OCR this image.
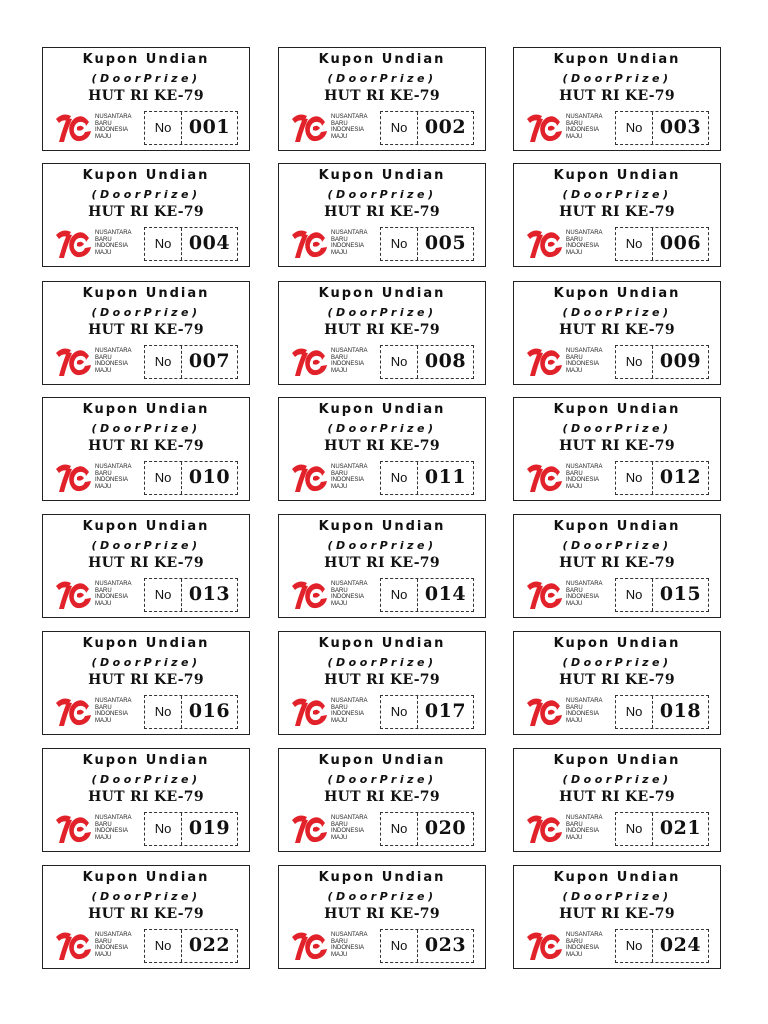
Kupon Undian
(DoorPrize)
HUT RI KE-79
NUSANTARA
BARU
INDONESIA
MAJU
No 001
Kupon Undian
(DoorPrize)
HUT RI KE-79
NUSANTARA
BARU
INDONESIA
MAJU
No 002
Kupon Undian
(DoorPrize)
HUT RI KE-79
NUSANTARA
BARU
INDONESIA
MAJU
No 003
Kupon Undian
(DoorPrize)
HUT RI KE-79
NUSANTARA
BARU
INDONESIA
MAJU
No 004
Kupon Undian
(DoorPrize)
HUT RI KE-79
NUSANTARA
BARU
INDONESIA
MAJU
No 005
Kupon Undian
(DoorPrize)
HUT RI KE-79
NUSANTARA
BARU
INDONESIA
MAJU
No 006
Kupon Undian
(DoorPrize)
HUT RI KE-79
NUSANTARA
BARU
INDONESIA
MAJU
No 007
Kupon Undian
(DoorPrize)
HUT RI KE-79
NUSANTARA
BARU
INDONESIA
MAJU
No 008
Kupon Undian
(DoorPrize)
HUT RI KE-79
NUSANTARA
BARU
INDONESIA
MAJU
No 009
Kupon Undian
(DoorPrize)
HUT RI KE-79
NUSANTARA
BARU
INDONESIA
MAJU
No 010
Kupon Undian
(DoorPrize)
HUT RI KE-79
NUSANTARA
BARU
INDONESIA
MAJU
No 011
Kupon Undian
(DoorPrize)
HUT RI KE-79
NUSANTARA
BARU
INDONESIA
MAJU
No 012
Kupon Undian
(DoorPrize)
HUT RI KE-79
NUSANTARA
BARU
INDONESIA
MAJU
No 013
Kupon Undian
(DoorPrize)
HUT RI KE-79
NUSANTARA
BARU
INDONESIA
MAJU
No 014
Kupon Undian
(DoorPrize)
HUT RI KE-79
NUSANTARA
BARU
INDONESIA
MAJU
No 015
Kupon Undian
(DoorPrize)
HUT RI KE-79
NUSANTARA
BARU
INDONESIA
MAJU
No 016
Kupon Undian
(DoorPrize)
HUT RI KE-79
NUSANTARA
BARU
INDONESIA
MAJU
No 017
Kupon Undian
(DoorPrize)
HUT RI KE-79
NUSANTARA
BARU
INDONESIA
MAJU
No 018
Kupon Undian
(DoorPrize)
HUT RI KE-79
NUSANTARA
BARU
INDONESIA
MAJU
No 019
Kupon Undian
(DoorPrize)
HUT RI KE-79
NUSANTARA
BARU
INDONESIA
MAJU
No 020
Kupon Undian
(DoorPrize)
HUT RI KE-79
NUSANTARA
BARU
INDONESIA
MAJU
No 021
Kupon Undian
(DoorPrize)
HUT RI KE-79
NUSANTARA
BARU
INDONESIA
MAJU
No 022
Kupon Undian
(DoorPrize)
HUT RI KE-79
NUSANTARA
BARU
INDONESIA
MAJU
No 023
Kupon Undian
(DoorPrize)
HUT RI KE-79
NUSANTARA
BARU
INDONESIA
MAJU
No 024
